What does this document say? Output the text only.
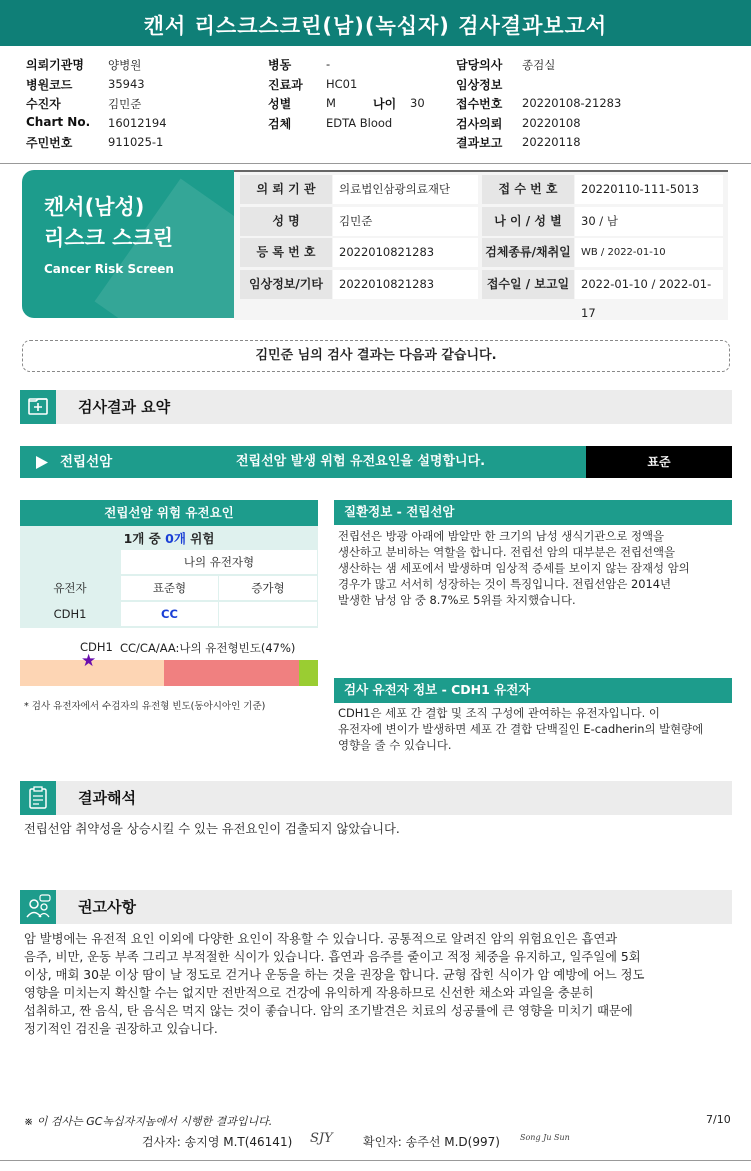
캔서 리스크스크린(남)(녹십자) 검사결과보고서
의뢰기관명 양병원
병원코드	35943
수진자	김민준
Chart No. 16012194
주민번호	911025-1
병동	-
진료과 HC01
성별	M
검체	EDTA Blood
나이 30
담당의사 종검실
임상정보
접수번호 20220108-21283
검사의뢰 20220108
결과보고 20220118
캔서(남성)
리스크 스크린
Cancer Risk Screen
의 뢰 기 관	의료법인삼광의료재단	접 수 번 호	20220110-111-5013
성 명	김민준	나 이 / 성 별	30 / 남
등 록 번 호	2022010821283	검체종류/채취일	WB / 2022-01-10
임상정보/기타	2022010821283	접수일 / 보고일	2022-01-10 / 2022-01-17
김민준 님의 검사 결과는 다음과 같습니다.
검사결과 요약
전립선암	전립선암 발생 위험 유전요인을 설명합니다.	표준
전립선암 위험 유전요인
1개 중 0개 위험
나의 유전자형
유전자	표준형	증가형
CDH1	CC
CDH1 CC/CA/AA:나의 유전형빈도(47%)
★
* 검사 유전자에서 수검자의 유전형 빈도(동아시아인 기준)
질환정보 - 전립선암
전립선은 방광 아래에 밤알만 한 크기의 남성 생식기관으로 정액을
생산하고 분비하는 역할을 합니다. 전립선 암의 대부분은 전립선액을
생산하는 샘 세포에서 발생하며 임상적 증세를 보이지 않는 잠재성 암의
경우가 많고 서서히 성장하는 것이 특징입니다. 전립선암은 2014년
발생한 남성 암 중 8.7%로 5위를 차지했습니다.
검사 유전자 정보 - CDH1 유전자
CDH1은 세포 간 결합 및 조직 구성에 관여하는 유전자입니다. 이
유전자에 변이가 발생하면 세포 간 결합 단백질인 E-cadherin의 발현량에
영향을 줄 수 있습니다.
결과해석
전립선암 취약성을 상승시킬 수 있는 유전요인이 검출되지 않았습니다.
권고사항
암 발병에는 유전적 요인 이외에 다양한 요인이 작용할 수 있습니다. 공통적으로 알려진 암의 위험요인은 흡연과
음주, 비만, 운동 부족 그리고 부적절한 식이가 있습니다. 흡연과 음주를 줄이고 적정 체중을 유지하고, 일주일에 5회
이상, 매회 30분 이상 땀이 날 정도로 걷거나 운동을 하는 것을 권장을 합니다. 균형 잡힌 식이가 암 예방에 어느 정도
영향을 미치는지 확신할 수는 없지만 전반적으로 건강에 유익하게 작용하므로 신선한 채소와 과일을 충분히
섭취하고, 짠 음식, 탄 음식은 먹지 않는 것이 좋습니다. 암의 조기발견은 치료의 성공률에 큰 영향을 미치기 때문에
정기적인 검진을 권장하고 있습니다.
※ 이 검사는 GC녹십자지놈에서 시행한 결과입니다.	7/10
검사자: 송지영 M.T(46141) SJY	확인자: 송주선 M.D(997)	Song Ju Sun
